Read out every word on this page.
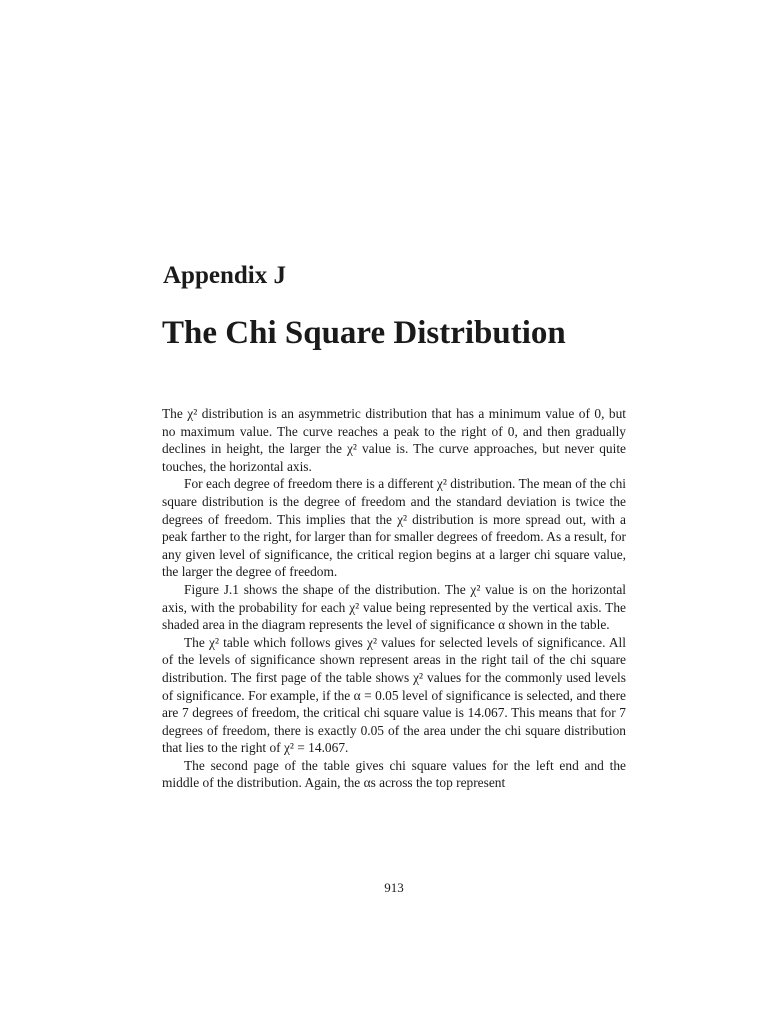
Appendix J
The Chi Square Distribution

The χ² distribution is an asymmetric distribution that has a minimum value of 0, but no maximum value. The curve reaches a peak to the right of 0, and then gradually declines in height, the larger the χ² value is. The curve approaches, but never quite touches, the horizontal axis.

For each degree of freedom there is a different χ² distribution. The mean of the chi square distribution is the degree of freedom and the standard deviation is twice the degrees of freedom. This implies that the χ² distribution is more spread out, with a peak farther to the right, for larger than for smaller degrees of freedom. As a result, for any given level of significance, the critical region begins at a larger chi square value, the larger the degree of freedom.

Figure J.1 shows the shape of the distribution. The χ² value is on the horizontal axis, with the probability for each χ² value being represented by the vertical axis. The shaded area in the diagram represents the level of significance α shown in the table.

The χ² table which follows gives χ² values for selected levels of significance. All of the levels of significance shown represent areas in the right tail of the chi square distribution. The first page of the table shows χ² values for the commonly used levels of significance. For example, if the α = 0.05 level of significance is selected, and there are 7 degrees of freedom, the critical chi square value is 14.067. This means that for 7 degrees of freedom, there is exactly 0.05 of the area under the chi square distribution that lies to the right of χ² = 14.067.

The second page of the table gives chi square values for the left end and the middle of the distribution. Again, the αs across the top represent

913
